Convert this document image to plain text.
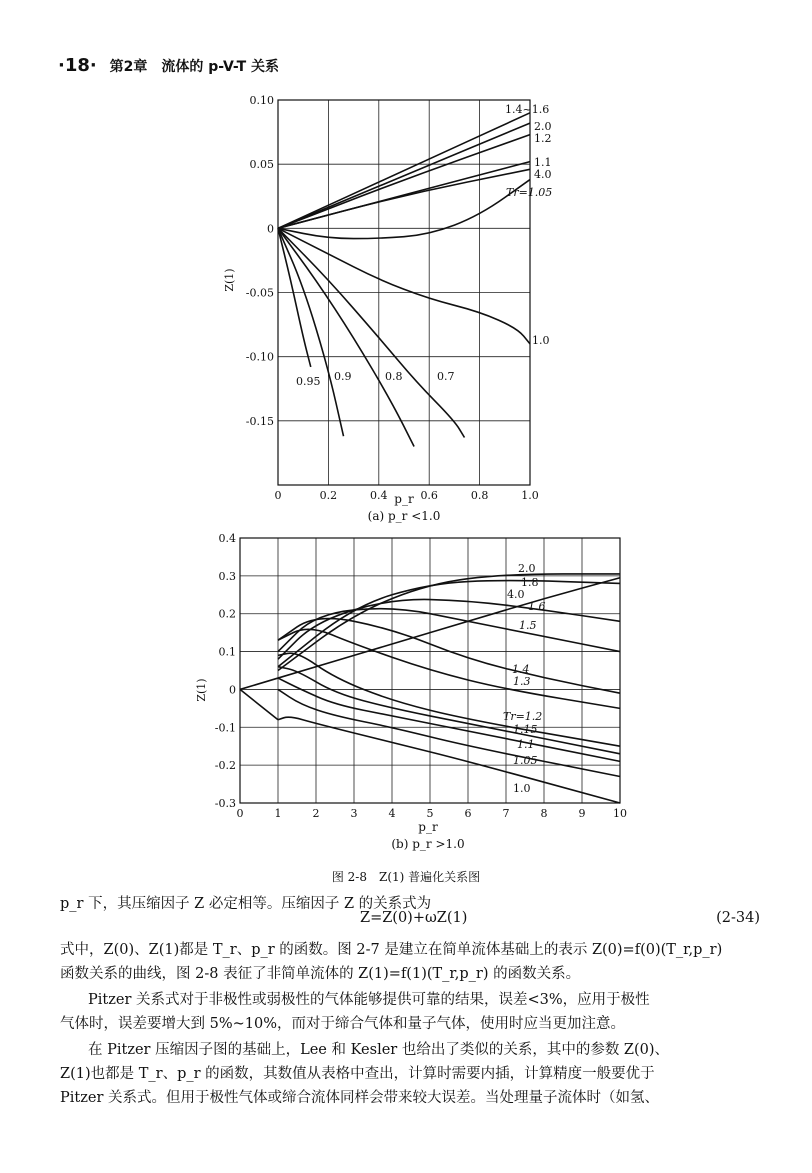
·18· 第2章　流体的 p-V-T 关系
p_r
Z(1)
(a) p_r <1.0
0	0.2	0.4	0.6	0.8	1.0
0.10
0.05
0
-0.05
-0.10
-0.15
1.4~1.6
2.0
1.2
1.1
4.0
Tr=1.05
1.0
0.95 0.9	0.8	0.7
p_r
Z(1)
(b) p_r >1.0
0	1	2	3	4	5	6	7	8	9	10
0.4
0.3
0.2
0.1
0
-0.1
-0.2
-0.3
2.0
1.8
4.0
1.6
1.5
1.4
1.3
Tr=1.2
1.15
1.1
1.05
1.0
图 2-8　Z(1) 普遍化关系图
p_r 下，其压缩因子 Z 必定相等。压缩因子 Z 的关系式为
Z=Z(0)+ωZ(1)	(2-34)
式中，Z(0)、Z(1)都是 T_r、p_r 的函数。图 2-7 是建立在简单流体基础上的表示 Z(0)=f(0)(T_r,p_r)
函数关系的曲线，图 2-8 表征了非简单流体的 Z(1)=f(1)(T_r,p_r) 的函数关系。
Pitzer 关系式对于非极性或弱极性的气体能够提供可靠的结果，误差<3%，应用于极性
气体时，误差要增大到 5%~10%，而对于缔合气体和量子气体，使用时应当更加注意。
在 Pitzer 压缩因子图的基础上，Lee 和 Kesler 也给出了类似的关系，其中的参数 Z(0)、
Z(1)也都是 T_r、p_r 的函数，其数值从表格中查出，计算时需要内插，计算精度一般要优于
Pitzer 关系式。但用于极性气体或缔合流体同样会带来较大误差。当处理量子流体时（如氢、
